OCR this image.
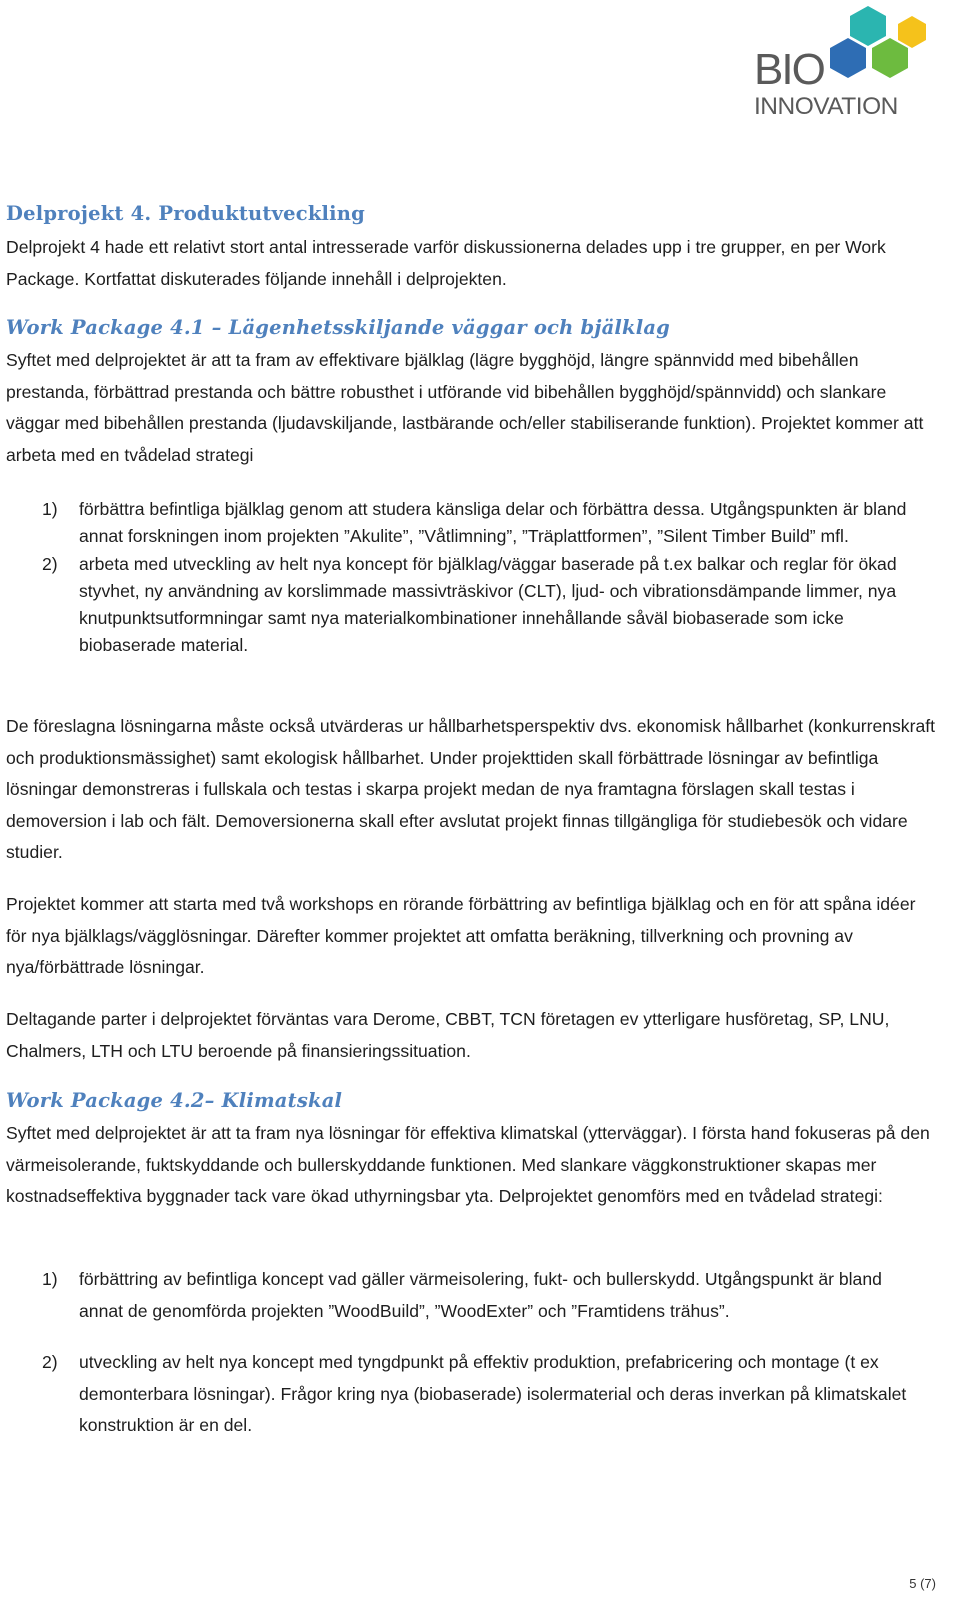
BIO
INNOVATION
Delprojekt 4. Produktutveckling

Delprojekt 4 hade ett relativt stort antal intresserade varför diskussionerna delades upp i tre grupper, en per Work Package. Kortfattat diskuterades följande innehåll i delprojekten.

Work Package 4.1 – Lägenhetsskiljande väggar och bjälklag

Syftet med delprojektet är att ta fram av effektivare bjälklag (lägre bygghöjd, längre spännvidd med bibehållen prestanda, förbättrad prestanda och bättre robusthet i utförande vid bibehållen bygghöjd/spännvidd) och slankare väggar med bibehållen prestanda (ljudavskiljande, lastbärande och/eller stabiliserande funktion). Projektet kommer att arbeta med en tvådelad strategi

1) förbättra befintliga bjälklag genom att studera känsliga delar och förbättra dessa. Utgångspunkten är bland annat forskningen inom projekten ”Akulite”, ”Våtlimning”, ”Träplattformen”, ”Silent Timber Build” mfl.
2) arbeta med utveckling av helt nya koncept för bjälklag/väggar baserade på t.ex balkar och reglar för ökad styvhet, ny användning av korslimmade massivträskivor (CLT), ljud- och vibrationsdämpande limmer, nya knutpunktsutformningar samt nya materialkombinationer innehållande såväl biobaserade som icke biobaserade material.

De föreslagna lösningarna måste också utvärderas ur hållbarhetsperspektiv dvs. ekonomisk hållbarhet (konkurrenskraft och produktionsmässighet) samt ekologisk hållbarhet. Under projekttiden skall förbättrade lösningar av befintliga lösningar demonstreras i fullskala och testas i skarpa projekt medan de nya framtagna förslagen skall testas i demoversion i lab och fält. Demoversionerna skall efter avslutat projekt finnas tillgängliga för studiebesök och vidare studier.

Projektet kommer att starta med två workshops en rörande förbättring av befintliga bjälklag och en för att spåna idéer för nya bjälklags/vägglösningar. Därefter kommer projektet att omfatta beräkning, tillverkning och provning av nya/förbättrade lösningar.

Deltagande parter i delprojektet förväntas vara Derome, CBBT, TCN företagen ev ytterligare husföretag, SP, LNU, Chalmers, LTH och LTU beroende på finansieringssituation.

Work Package 4.2– Klimatskal

Syftet med delprojektet är att ta fram nya lösningar för effektiva klimatskal (ytterväggar). I första hand fokuseras på den värmeisolerande, fuktskyddande och bullerskyddande funktionen. Med slankare väggkonstruktioner skapas mer kostnadseffektiva byggnader tack vare ökad uthyrningsbar yta. Delprojektet genomförs med en tvådelad strategi:

1) förbättring av befintliga koncept vad gäller värmeisolering, fukt- och bullerskydd. Utgångspunkt är bland annat de genomförda projekten ”WoodBuild”, ”WoodExter” och ”Framtidens trähus”.
2) utveckling av helt nya koncept med tyngdpunkt på effektiv produktion, prefabricering och montage (t ex demonterbara lösningar). Frågor kring nya (biobaserade) isolermaterial och deras inverkan på klimatskalet konstruktion är en del.
5 (7)
